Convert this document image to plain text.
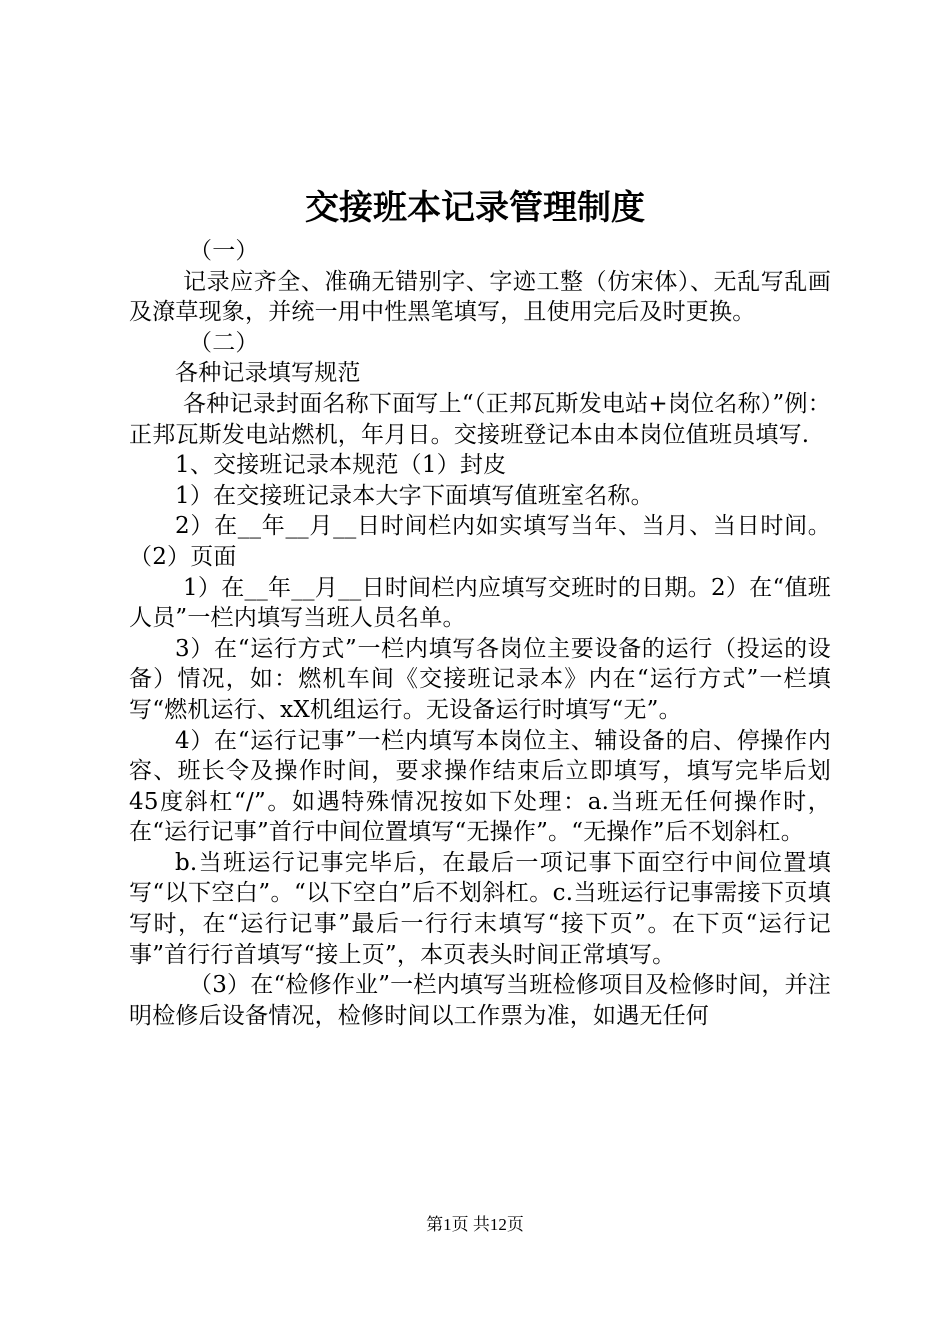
交接班本记录管理制度

（一）

记录应齐全、准确无错别字、字迹工整（仿宋体）、无乱写乱画及潦草现象，并统一用中性黑笔填写，且使用完后及时更换。

（二）

各种记录填写规范

各种记录封面名称下面写上“（正邦瓦斯发电站+岗位名称）”例：正邦瓦斯发电站燃机，年月日。交接班登记本由本岗位值班员填写.

1、交接班记录本规范（1）封皮

1）在交接班记录本大字下面填写值班室名称。

2）在__年__月__日时间栏内如实填写当年、当月、当日时间。（2）页面

1）在__年__月__日时间栏内应填写交班时的日期。2）在“值班人员”一栏内填写当班人员名单。

3）在“运行方式”一栏内填写各岗位主要设备的运行（投运的设备）情况，如：燃机车间《交接班记录本》内在“运行方式”一栏填写“燃机运行、xX机组运行。无设备运行时填写“无”。

4）在“运行记事”一栏内填写本岗位主、辅设备的启、停操作内容、班长令及操作时间，要求操作结束后立即填写，填写完毕后划45度斜杠“/”。如遇特殊情况按如下处理：a.当班无任何操作时，在“运行记事”首行中间位置填写“无操作”。“无操作”后不划斜杠。

b.当班运行记事完毕后，在最后一项记事下面空行中间位置填写“以下空白”。“以下空白”后不划斜杠。c.当班运行记事需接下页填写时，在“运行记事”最后一行行末填写“接下页”。在下页“运行记事”首行行首填写“接上页”，本页表头时间正常填写。

（3）在“检修作业”一栏内填写当班检修项目及检修时间，并注明检修后设备情况，检修时间以工作票为准，如遇无任何

第1页 共12页
